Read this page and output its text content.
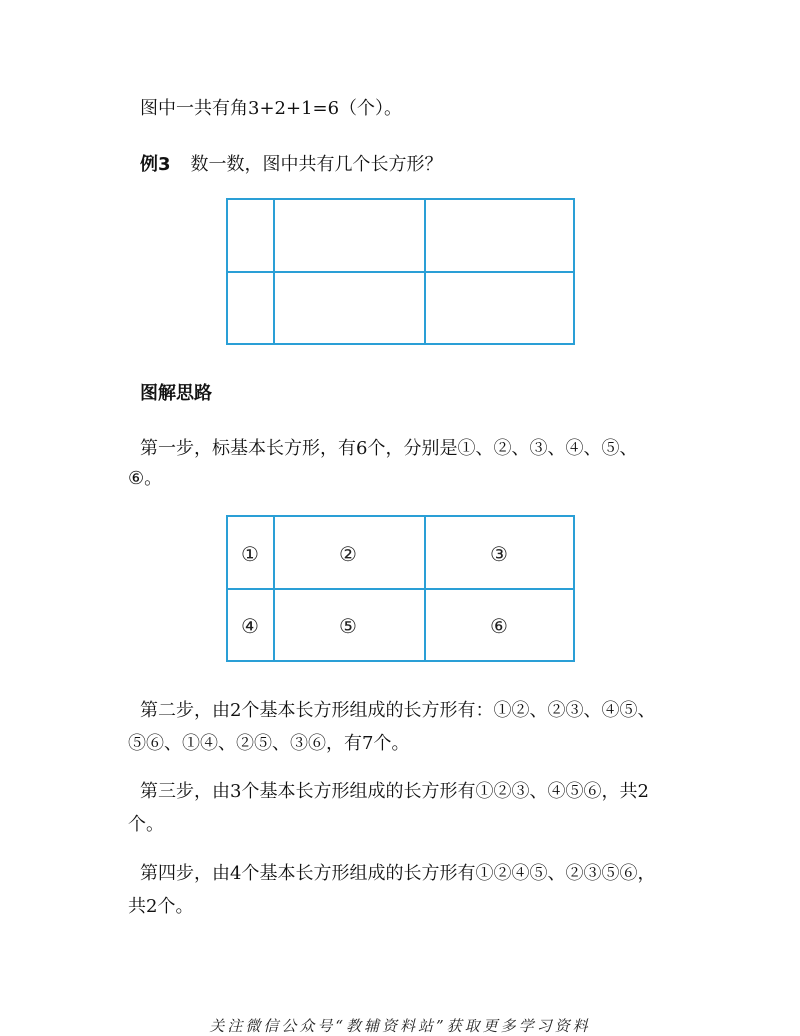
图中一共有角3+2+1=6（个）。

例3 数一数，图中共有几个长方形？

图解思路

第一步，标基本长方形，有6个，分别是①、②、③、④、⑤、

⑥。

①	②	③
④	⑤	⑥

第二步，由2个基本长方形组成的长方形有：①②、②③、④⑤、

⑤⑥、①④、②⑤、③⑥，有7个。

第三步，由3个基本长方形组成的长方形有①②③、④⑤⑥，共2

个。

第四步，由4个基本长方形组成的长方形有①②④⑤、②③⑤⑥，

共2个。

关注微信公众号“教辅资料站”获取更多学习资料
